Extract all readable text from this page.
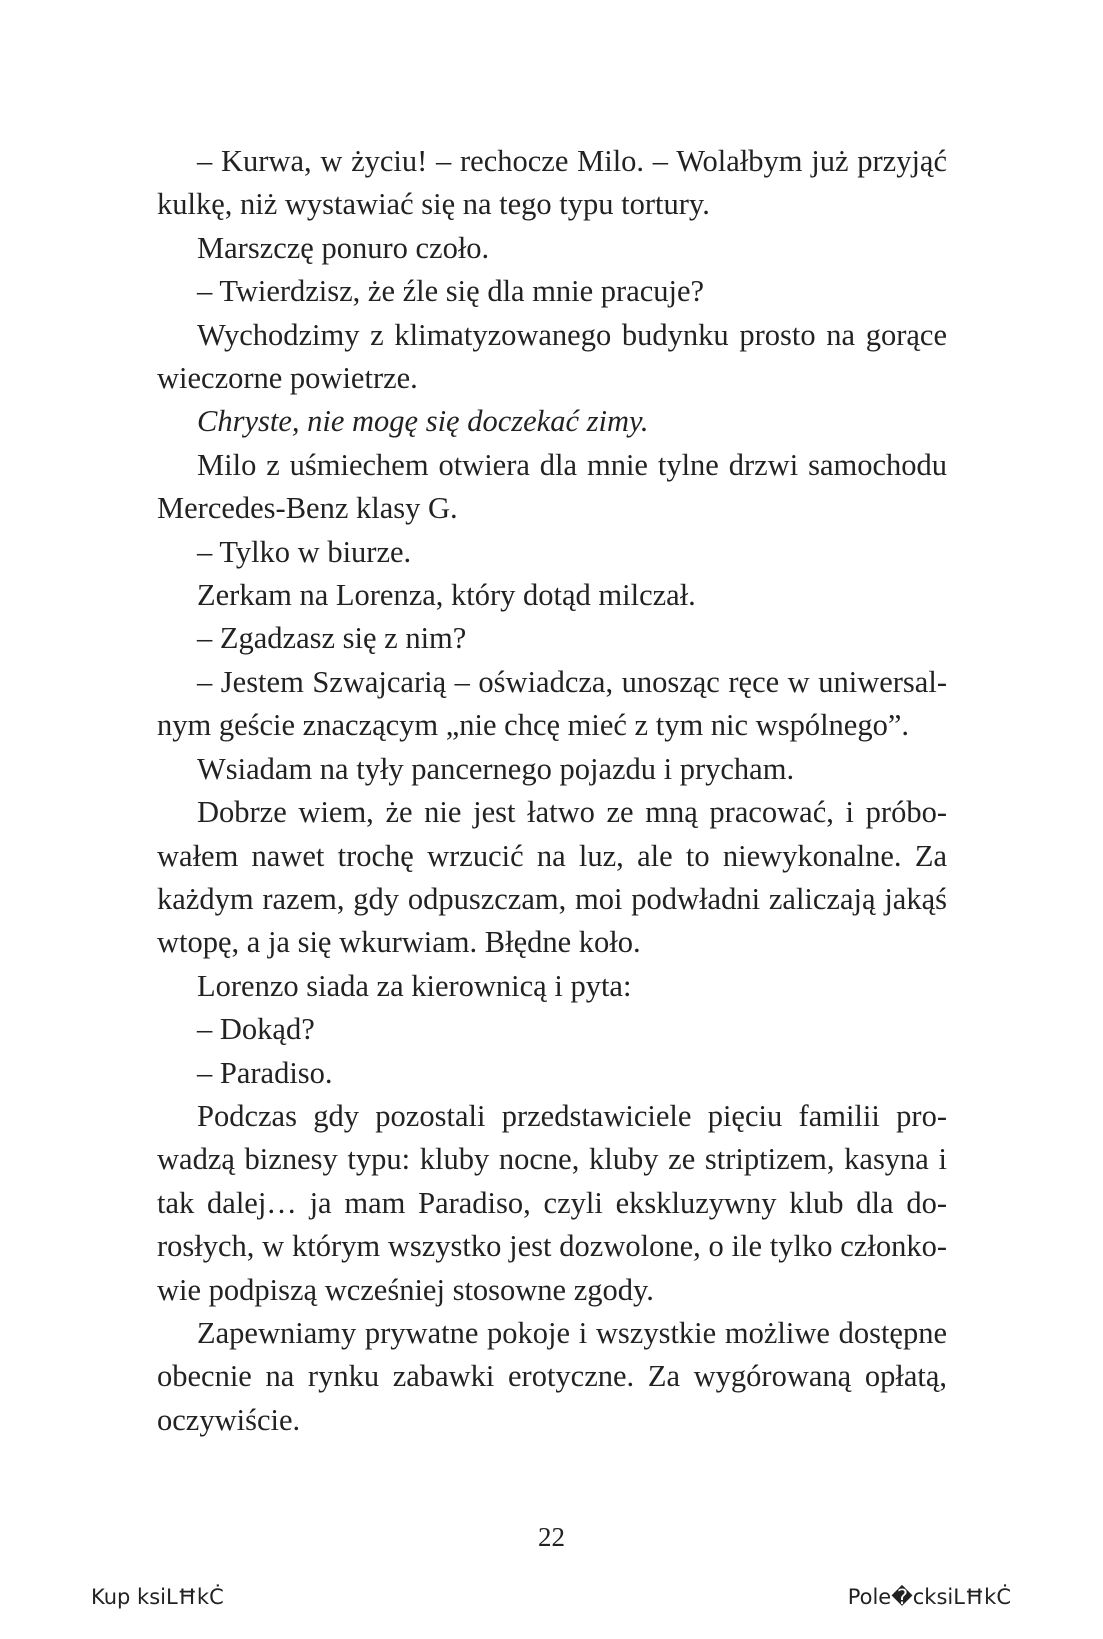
– Kurwa, w życiu! – rechocze Milo. – Wolałbym już przyjąć kulkę, niż wystawiać się na tego typu tortury.

Marszczę ponuro czoło.

– Twierdzisz, że źle się dla mnie pracuje?

Wychodzimy z klimatyzowanego budynku prosto na gorące wieczorne powietrze.

Chryste, nie mogę się doczekać zimy.

Milo z uśmiechem otwiera dla mnie tylne drzwi samochodu Mercedes-Benz klasy G.

– Tylko w biurze.

Zerkam na Lorenza, który dotąd milczał.

– Zgadzasz się z nim?

– Jestem Szwajcarią – oświadcza, unosząc ręce w uniwersalnym geście znaczącym „nie chcę mieć z tym nic wspólnego”.

Wsiadam na tyły pancernego pojazdu i prycham.

Dobrze wiem, że nie jest łatwo ze mną pracować, i próbowałem nawet trochę wrzucić na luz, ale to niewykonalne. Za każdym razem, gdy odpuszczam, moi podwładni zaliczają jakąś wtopę, a ja się wkurwiam. Błędne koło.

Lorenzo siada za kierownicą i pyta:

– Dokąd?

– Paradiso.

Podczas gdy pozostali przedstawiciele pięciu familii prowadzą biznesy typu: kluby nocne, kluby ze striptizem, kasyna i tak dalej… ja mam Paradiso, czyli ekskluzywny klub dla dorosłych, w którym wszystko jest dozwolone, o ile tylko członkowie podpiszą wcześniej stosowne zgody.

Zapewniamy prywatne pokoje i wszystkie możliwe dostępne obecnie na rynku zabawki erotyczne. Za wygórowaną opłatą, oczywiście.

22
Kup ksiLĦkĊ	Pole�cksiLĦkĊ
